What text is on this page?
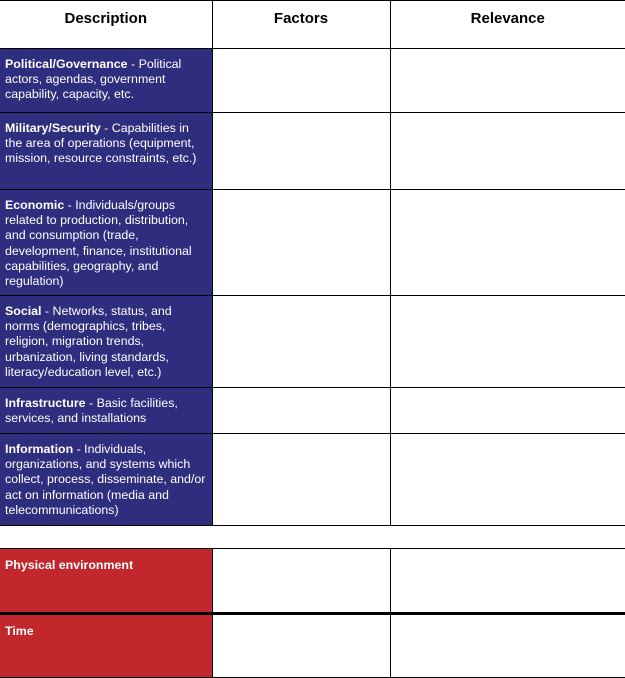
Description	Factors	Relevance
Political/Governance - Political actors, agendas, government capability, capacity, etc.		
Military/Security - Capabilities in the area of operations (equipment, mission, resource constraints, etc.)		
Economic - Individuals/groups related to production, distribution, and consumption (trade, development, finance, institutional capabilities, geography, and regulation)		
Social - Networks, status, and norms (demographics, tribes, religion, migration trends, urbanization, living standards, literacy/education level, etc.)		
Infrastructure - Basic facilities, services, and installations		
Information - Individuals, organizations, and systems which collect, process, disseminate, and/or act on information (media and telecommunications)		
Physical environment		
Time		
